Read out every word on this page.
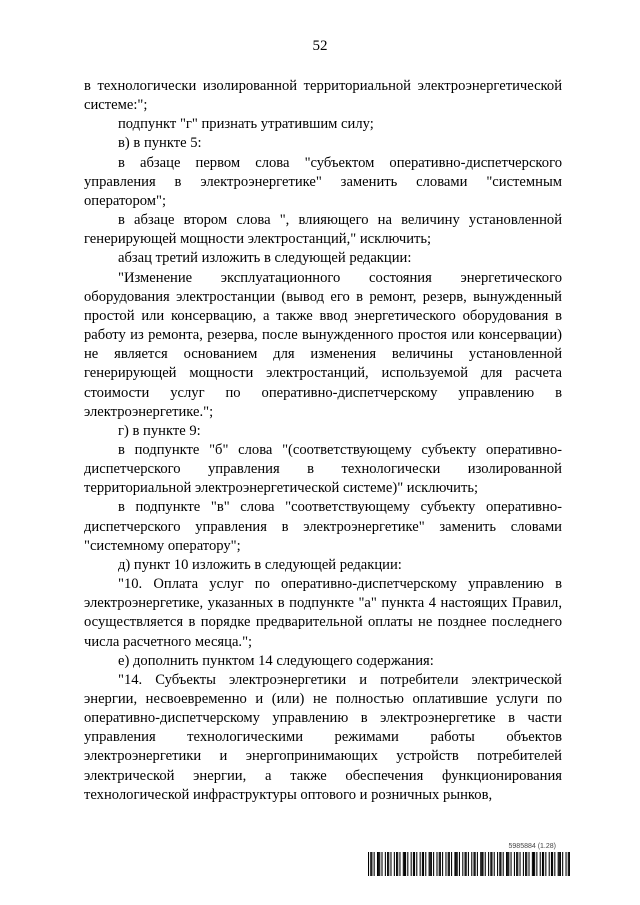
52

в технологически изолированной территориальной электроэнергетической системе:";

подпункт "г" признать утратившим силу;

в) в пункте 5:

в абзаце первом слова "субъектом оперативно-диспетчерского управления в электроэнергетике" заменить словами "системным оператором";

в абзаце втором слова ", влияющего на величину установленной генерирующей мощности электростанций," исключить;

абзац третий изложить в следующей редакции:

"Изменение эксплуатационного состояния энергетического оборудования электростанции (вывод его в ремонт, резерв, вынужденный простой или консервацию, а также ввод энергетического оборудования в работу из ремонта, резерва, после вынужденного простоя или консервации) не является основанием для изменения величины установленной генерирующей мощности электростанций, используемой для расчета стоимости услуг по оперативно-диспетчерскому управлению в электроэнергетике.";

г) в пункте 9:

в подпункте "б" слова "(соответствующему субъекту оперативно-диспетчерского управления в технологически изолированной территориальной электроэнергетической системе)" исключить;

в подпункте "в" слова "соответствующему субъекту оперативно-диспетчерского управления в электроэнергетике" заменить словами "системному оператору";

д) пункт 10 изложить в следующей редакции:

"10. Оплата услуг по оперативно-диспетчерскому управлению в электроэнергетике, указанных в подпункте "а" пункта 4 настоящих Правил, осуществляется в порядке предварительной оплаты не позднее последнего числа расчетного месяца.";

е) дополнить пунктом 14 следующего содержания:

"14. Субъекты электроэнергетики и потребители электрической энергии, несвоевременно и (или) не полностью оплатившие услуги по оперативно-диспетчерскому управлению в электроэнергетике в части управления технологическими режимами работы объектов электроэнергетики и энергопринимающих устройств потребителей электрической энергии, а также обеспечения функционирования технологической инфраструктуры оптового и розничных рынков,

5985884 (1.28)
